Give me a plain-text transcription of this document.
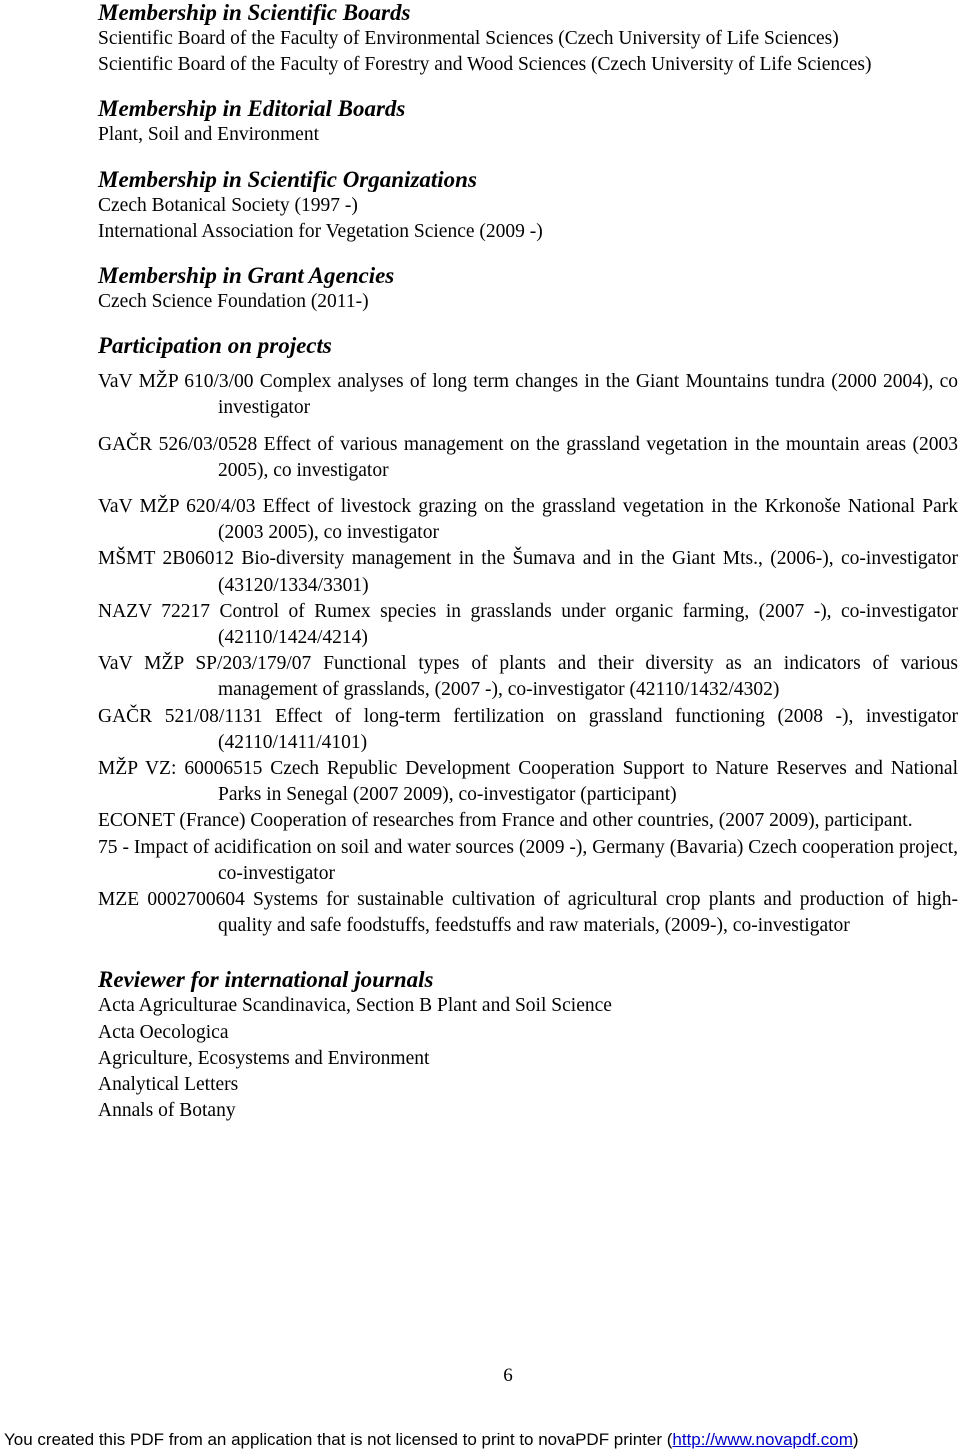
Membership in Scientific Boards

Scientific Board of the Faculty of Environmental Sciences (Czech University of Life Sciences)

Scientific Board of the Faculty of Forestry and Wood Sciences (Czech University of Life Sciences)

Membership in Editorial Boards

Plant, Soil and Environment

Membership in Scientific Organizations

Czech Botanical Society (1997 -)

International Association for Vegetation Science (2009 -)

Membership in Grant Agencies

Czech Science Foundation (2011-)

Participation on projects

VaV MŽP 610/3/00 Complex analyses of long term changes in the Giant Mountains tundra (2000 2004), co investigator

GAČR 526/03/0528 Effect of various management on the grassland vegetation in the mountain areas (2003 2005), co investigator

VaV MŽP 620/4/03 Effect of livestock grazing on the grassland vegetation in the Krkonoše National Park (2003 2005), co investigator

MŠMT 2B06012 Bio-diversity management in the Šumava and in the Giant Mts., (2006-), co-investigator (43120/1334/3301)

NAZV 72217 Control of Rumex species in grasslands under organic farming, (2007 -), co-investigator (42110/1424/4214)

VaV MŽP SP/203/179/07 Functional types of plants and their diversity as an indicators of various management of grasslands, (2007 -), co-investigator (42110/1432/4302)

GAČR 521/08/1131 Effect of long-term fertilization on grassland functioning (2008 -), investigator (42110/1411/4101)

MŽP VZ: 60006515 Czech Republic Development Cooperation Support to Nature Reserves and National Parks in Senegal (2007 2009), co-investigator (participant)

ECONET (France) Cooperation of researches from France and other countries, (2007 2009), participant.

75 - Impact of acidification on soil and water sources (2009 -), Germany (Bavaria) Czech cooperation project, co-investigator

MZE 0002700604 Systems for sustainable cultivation of agricultural crop plants and production of high-quality and safe foodstuffs, feedstuffs and raw materials, (2009-), co-investigator

Reviewer for international journals

Acta Agriculturae Scandinavica, Section B Plant and Soil Science

Acta Oecologica

Agriculture, Ecosystems and Environment

Analytical Letters

Annals of Botany

6
You created this PDF from an application that is not licensed to print to novaPDF printer (http://www.novapdf.com)
